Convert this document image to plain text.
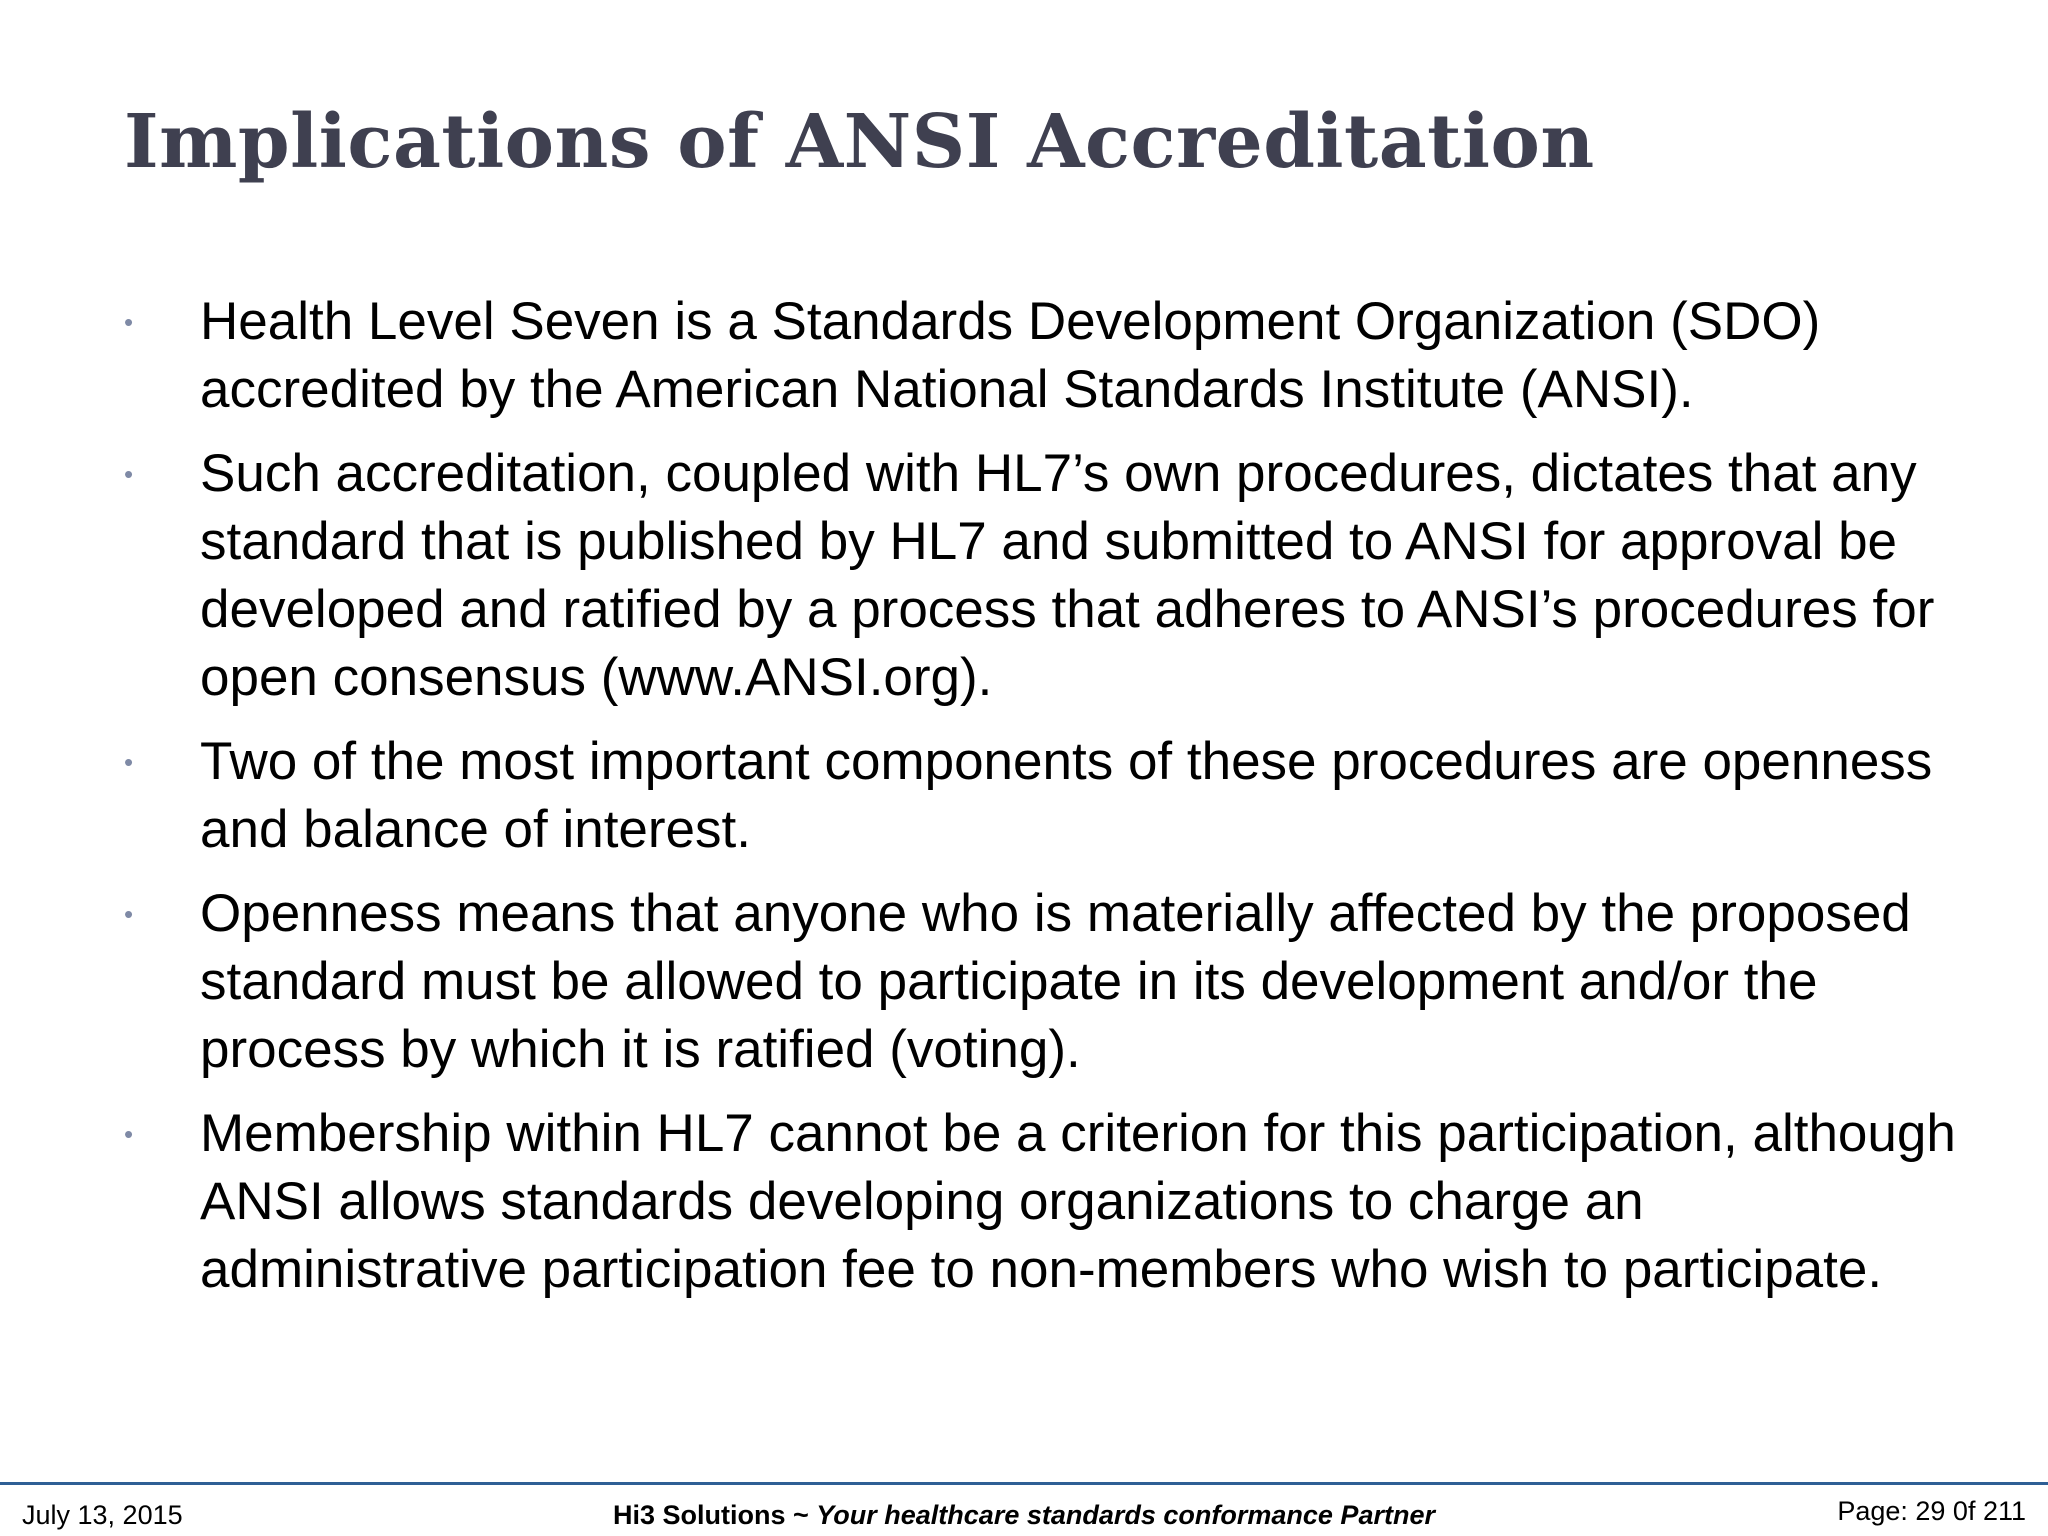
Implications of ANSI Accreditation
• Health Level Seven is a Standards Development Organization (SDO) accredited by the American National Standards Institute (ANSI).
• Such accreditation, coupled with HL7’s own procedures, dictates that any standard that is published by HL7 and submitted to ANSI for approval be developed and ratified by a process that adheres to ANSI’s procedures for open consensus (www.ANSI.org).
• Two of the most important components of these procedures are openness and balance of interest.
• Openness means that anyone who is materially affected by the proposed standard must be allowed to participate in its development and/or the process by which it is ratified (voting).
• Membership within HL7 cannot be a criterion for this participation, although ANSI allows standards developing organizations to charge an administrative participation fee to non-members who wish to participate.
July 13, 2015	Hi3 Solutions ~ Your healthcare standards conformance Partner	Page: 29 0f 211
